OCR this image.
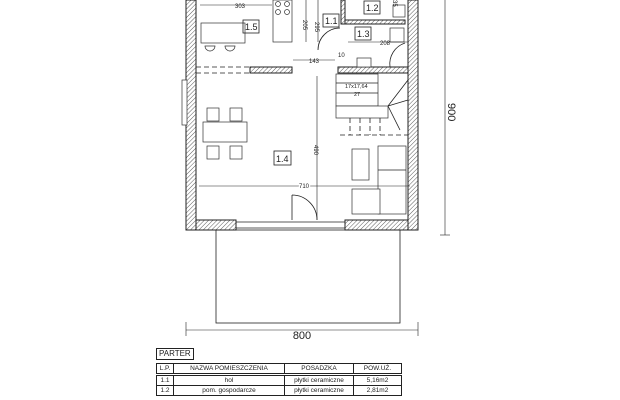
1.5
1.1
1.2
1.3
1.4
303
205 295
35
208
143
10
17x17,64
27
490
710
800
900
PARTER
L.P.	NAZWA POMIESZCZENIA	POSADZKA	POW.UŻ.
1.1	hol	płytki ceramiczne	5,16m2
1.2	pom. gospodarcze	płytki ceramiczne	2,81m2
